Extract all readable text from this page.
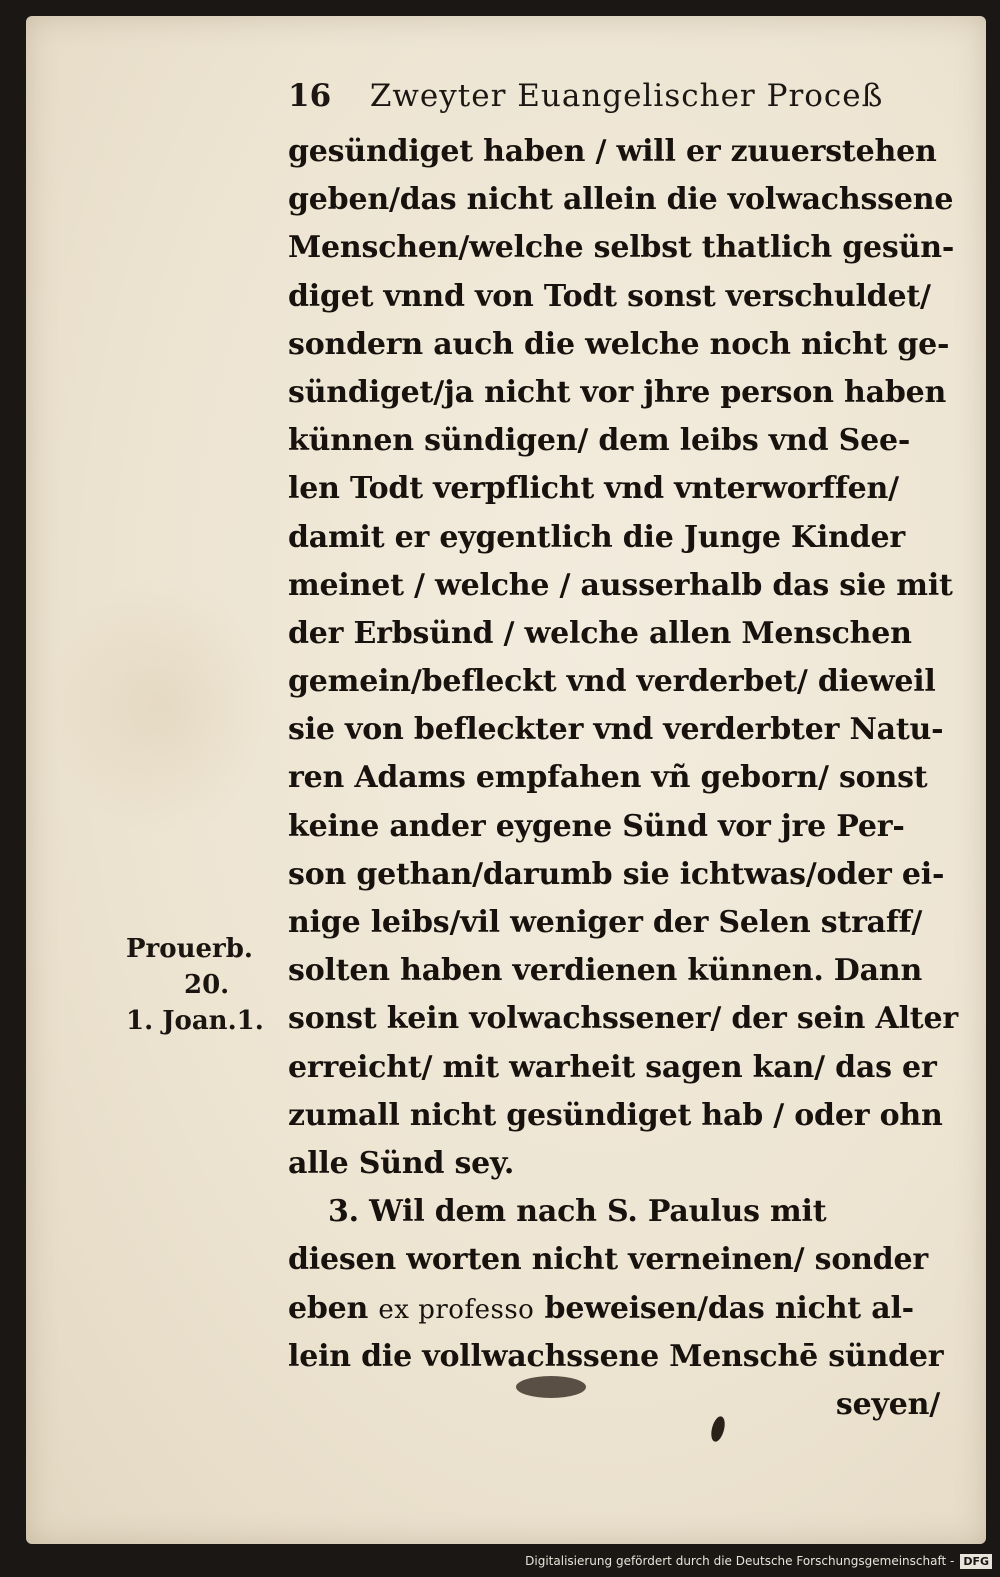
16 Zweyter Euangelischer Proceß
gesündiget haben / will er zuuerstehen
geben/das nicht allein die volwachssene
Menschen/welche selbst thatlich gesün-
diget vnnd von Todt sonst verschuldet/
sondern auch die welche noch nicht ge-
sündiget/ja nicht vor jhre person haben
künnen sündigen/ dem leibs vnd See-
len Todt verpflicht vnd vnterworffen/
damit er eygentlich die Junge Kinder
meinet / welche / ausserhalb das sie mit
der Erbsünd / welche allen Menschen
gemein/befleckt vnd verderbet/ dieweil
sie von befleckter vnd verderbter Natu-
ren Adams empfahen vñ geborn/ sonst
keine ander eygene Sünd vor jre Per-
son gethan/darumb sie ichtwas/oder ei-
nige leibs/vil weniger der Selen straff/
solten haben verdienen künnen. Dann
sonst kein volwachssener/ der sein Alter
erreicht/ mit warheit sagen kan/ das er
zumall nicht gesündiget hab / oder ohn
alle Sünd sey.
3. Wil dem nach S. Paulus mit
diesen worten nicht verneinen/ sonder
eben ex professo beweisen/das nicht al-
lein die vollwachssene Menschē sünder
seyen/
Prouerb.
20.
1. Joan.1.
Digitalisierung gefördert durch die Deutsche Forschungsgemeinschaft - DFG
